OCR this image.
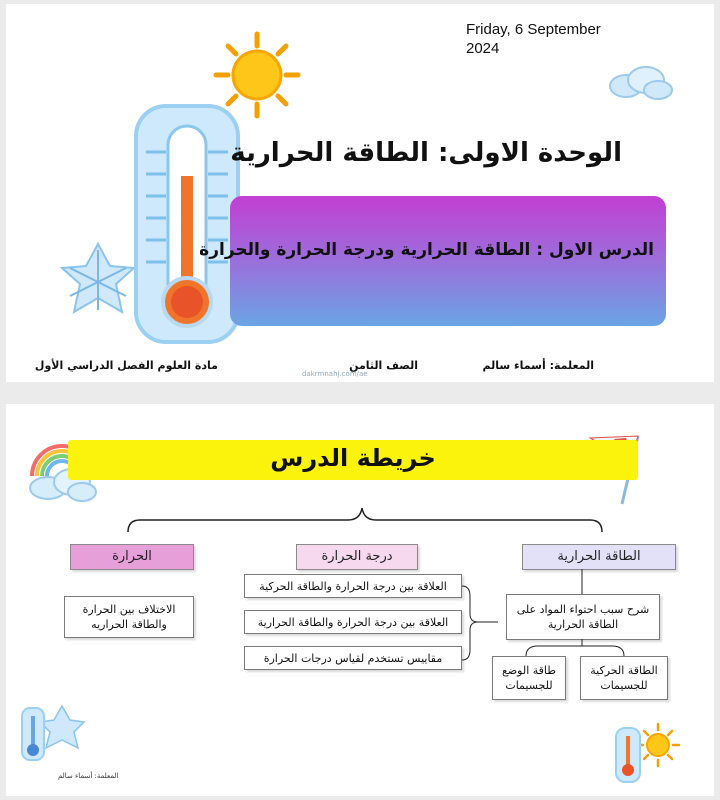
Friday, 6 September
2024
الوحدة الاولى: الطاقة الحرارية
الدرس الاول : الطاقة الحرارية ودرجة الحرارة والحرارة
المعلمة: أسماء سالم
الصف الثامن
مادة العلوم الفصل الدراسي الأول
dakrmnahj.com/ae
خريطة الدرس
الطاقة الحرارية
درجة الحرارة
الحرارة
شرح سبب احتواء المواد على الطاقة الحرارية
الطاقة الحركية للجسيمات
طاقة الوضع للجسيمات
العلاقة بين درجة الحرارة والطاقة الحركية
العلاقة بين درجة الحرارة والطاقة الحرارية
مقاييس تستخدم لقياس درجات الحرارة
الاختلاف بين الحرارة والطاقة الحراريه
المعلمة: أسماء سالم
